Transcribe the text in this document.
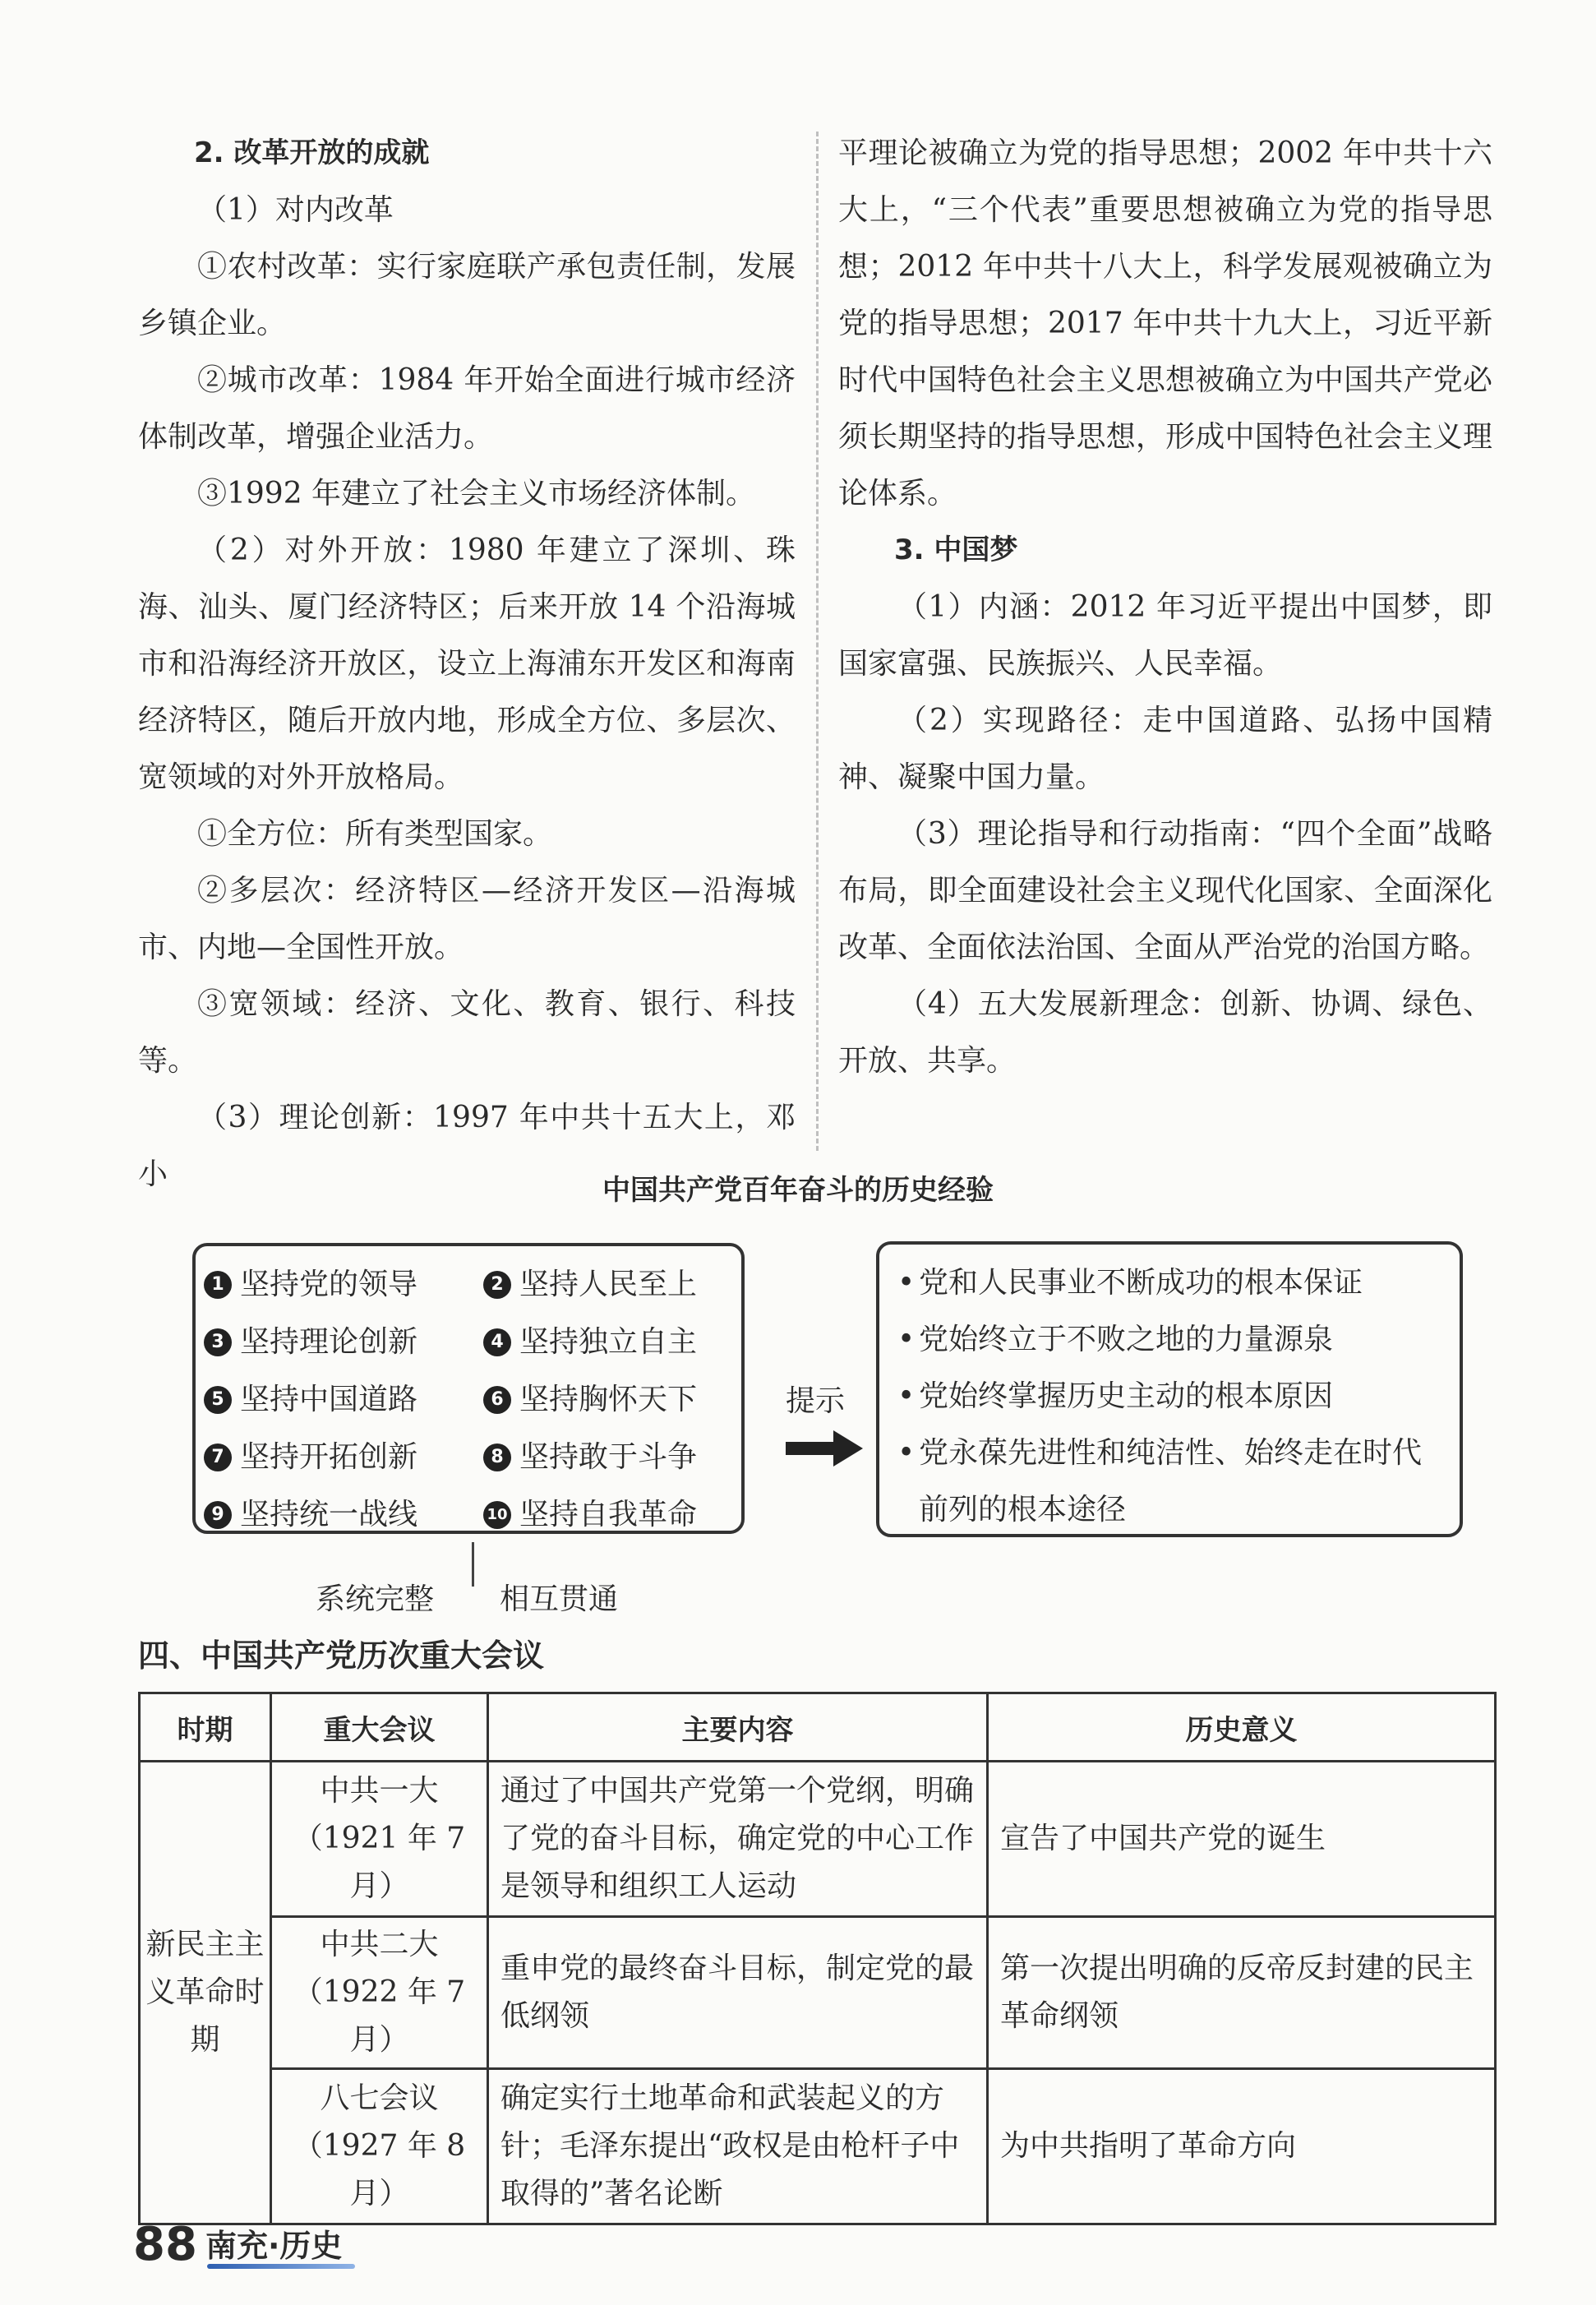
2. 改革开放的成就

（1）对内改革

①农村改革：实行家庭联产承包责任制，发展乡镇企业。

②城市改革：1984 年开始全面进行城市经济体制改革，增强企业活力。

③1992 年建立了社会主义市场经济体制。

（2）对外开放：1980 年建立了深圳、珠海、汕头、厦门经济特区；后来开放 14 个沿海城市和沿海经济开放区，设立上海浦东开发区和海南经济特区，随后开放内地，形成全方位、多层次、宽领域的对外开放格局。

①全方位：所有类型国家。

②多层次：经济特区—经济开发区—沿海城市、内地—全国性开放。

③宽领域：经济、文化、教育、银行、科技等。

（3）理论创新：1997 年中共十五大上，邓小

平理论被确立为党的指导思想；2002 年中共十六大上，“三个代表”重要思想被确立为党的指导思想；2012 年中共十八大上，科学发展观被确立为党的指导思想；2017 年中共十九大上，习近平新时代中国特色社会主义思想被确立为中国共产党必须长期坚持的指导思想，形成中国特色社会主义理论体系。

3. 中国梦

（1）内涵：2012 年习近平提出中国梦，即国家富强、民族振兴、人民幸福。

（2）实现路径：走中国道路、弘扬中国精神、凝聚中国力量。

（3）理论指导和行动指南：“四个全面”战略布局，即全面建设社会主义现代化国家、全面深化改革、全面依法治国、全面从严治党的治国方略。

（4）五大发展新理念：创新、协调、绿色、开放、共享。

中国共产党百年奋斗的历史经验
1 坚持党的领导	2 坚持人民至上
3 坚持理论创新	4 坚持独立自主
5 坚持中国道路	6 坚持胸怀天下
7 坚持开拓创新	8 坚持敢于斗争
9 坚持统一战线	10 坚持自我革命
提示
• 党和人民事业不断成功的根本保证
• 党始终立于不败之地的力量源泉
• 党始终掌握历史主动的根本原因
• 党永葆先进性和纯洁性、始终走在时代前列的根本途径
系统完整 相互贯通
四、中国共产党历次重大会议
时期	重大会议	主要内容	历史意义
新民主主义革命时期	中共一大
（1921 年 7 月）	通过了中国共产党第一个党纲，明确了党的奋斗目标，确定党的中心工作是领导和组织工人运动	宣告了中国共产党的诞生

	中共二大
（1922 年 7 月）	重申党的最终奋斗目标，制定党的最低纲领	第一次提出明确的反帝反封建的民主革命纲领

	八七会议
（1927 年 8 月）	确定实行土地革命和武装起义的方针；毛泽东提出“政权是由枪杆子中取得的”著名论断	为中共指明了革命方向
88 南充·历史
